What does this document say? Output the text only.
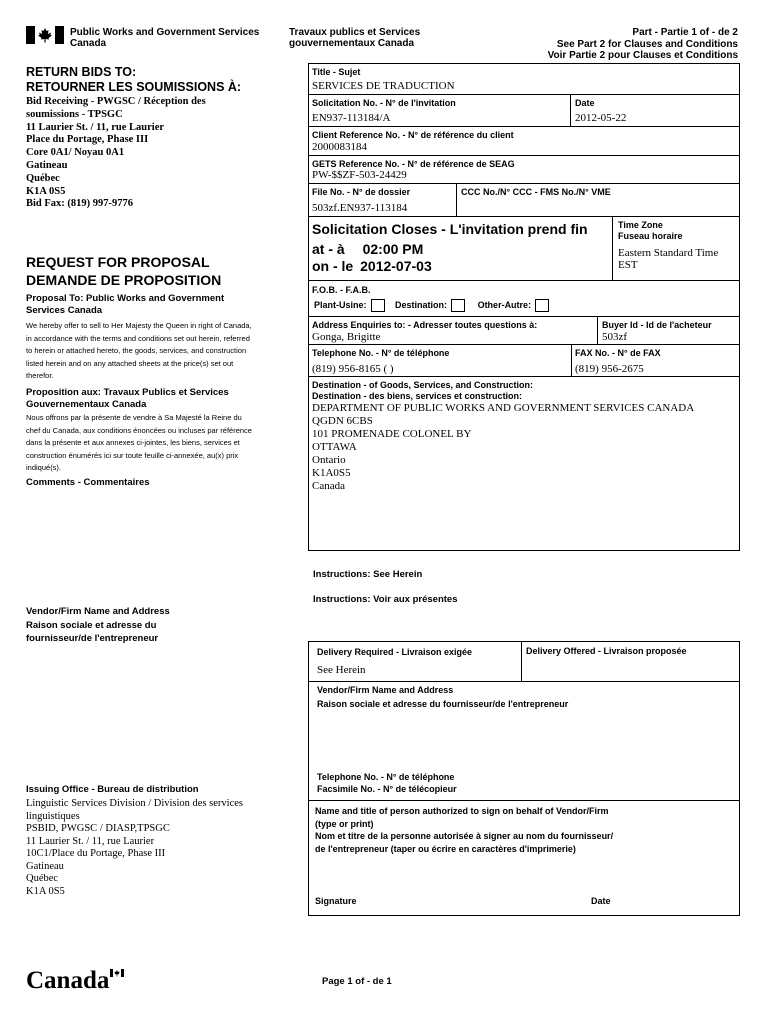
Public Works and Government Services
Canada
Travaux publics et Services
gouvernementaux Canada
Part - Partie 1 of - de 2
See Part 2 for Clauses and Conditions
Voir Partie 2 pour Clauses et Conditions
RETURN BIDS TO:
RETOURNER LES SOUMISSIONS À:
Bid Receiving - PWGSC / Réception des
soumissions - TPSGC
11 Laurier St. / 11, rue Laurier
Place du Portage, Phase III
Core 0A1/ Noyau 0A1
Gatineau
Québec
K1A 0S5
Bid Fax: (819) 997-9776
REQUEST FOR PROPOSAL
DEMANDE DE PROPOSITION
Proposal To: Public Works and Government Services Canada
We hereby offer to sell to Her Majesty the Queen in right of Canada, in accordance with the terms and conditions set out herein, referred to herein or attached hereto, the goods, services, and construction listed herein and on any attached sheets at the price(s) set out therefor.
Proposition aux: Travaux Publics et Services Gouvernementaux Canada
Nous offrons par la présente de vendre à Sa Majesté la Reine du chef du Canada, aux conditions énoncées ou incluses par référence dans la présente et aux annexes ci-jointes, les biens, services et construction énumérés ici sur toute feuille ci-annexée, au(x) prix indiqué(s).
Comments - Commentaires
Vendor/Firm Name and Address
Raison sociale et adresse du
fournisseur/de l'entrepreneur
Issuing Office - Bureau de distribution
Linguistic Services Division / Division des services
linguistiques
PSBID, PWGSC / DIASP,TPSGC
11 Laurier St. / 11, rue Laurier
10C1/Place du Portage, Phase III
Gatineau
Québec
K1A 0S5
Canada	Page 1 of - de 1
Title - Sujet
SERVICES DE TRADUCTION
Solicitation No. - N° de l'invitation
EN937-113184/A
Date
2012-05-22
Client Reference No. - N° de référence du client
2000083184
GETS Reference No. - N° de référence de SEAG
PW-$$ZF-503-24429
File No. - N° de dossier
503zf.EN937-113184
CCC No./N° CCC - FMS No./N° VME
Solicitation Closes - L'invitation prend fin
at - à 02:00 PM
on - le 2012-07-03
Time Zone
Fuseau horaire
Eastern Standard Time
EST
F.O.B. - F.A.B.
Plant-Usine:	Destination:	Other-Autre:
Address Enquiries to: - Adresser toutes questions à:
Gonga, Brigitte
Buyer Id - Id de l'acheteur
503zf
Telephone No. - N° de téléphone
(819) 956-8165 ( )
FAX No. - N° de FAX
(819) 956-2675
Destination - of Goods, Services, and Construction:
Destination - des biens, services et construction:
DEPARTMENT OF PUBLIC WORKS AND GOVERNMENT SERVICES CANADA
QGDN 6CBS
101 PROMENADE COLONEL BY
OTTAWA
Ontario
K1A0S5
Canada
Instructions: See Herein
Instructions: Voir aux présentes
Delivery Required - Livraison exigée
See Herein
Delivery Offered - Livraison proposée
Vendor/Firm Name and Address
Raison sociale et adresse du fournisseur/de l'entrepreneur
Telephone No. - N° de téléphone
Facsimile No. - N° de télécopieur
Name and title of person authorized to sign on behalf of Vendor/Firm
(type or print)
Nom et titre de la personne autorisée à signer au nom du fournisseur/
de l'entrepreneur (taper ou écrire en caractères d'imprimerie)
Signature	Date
